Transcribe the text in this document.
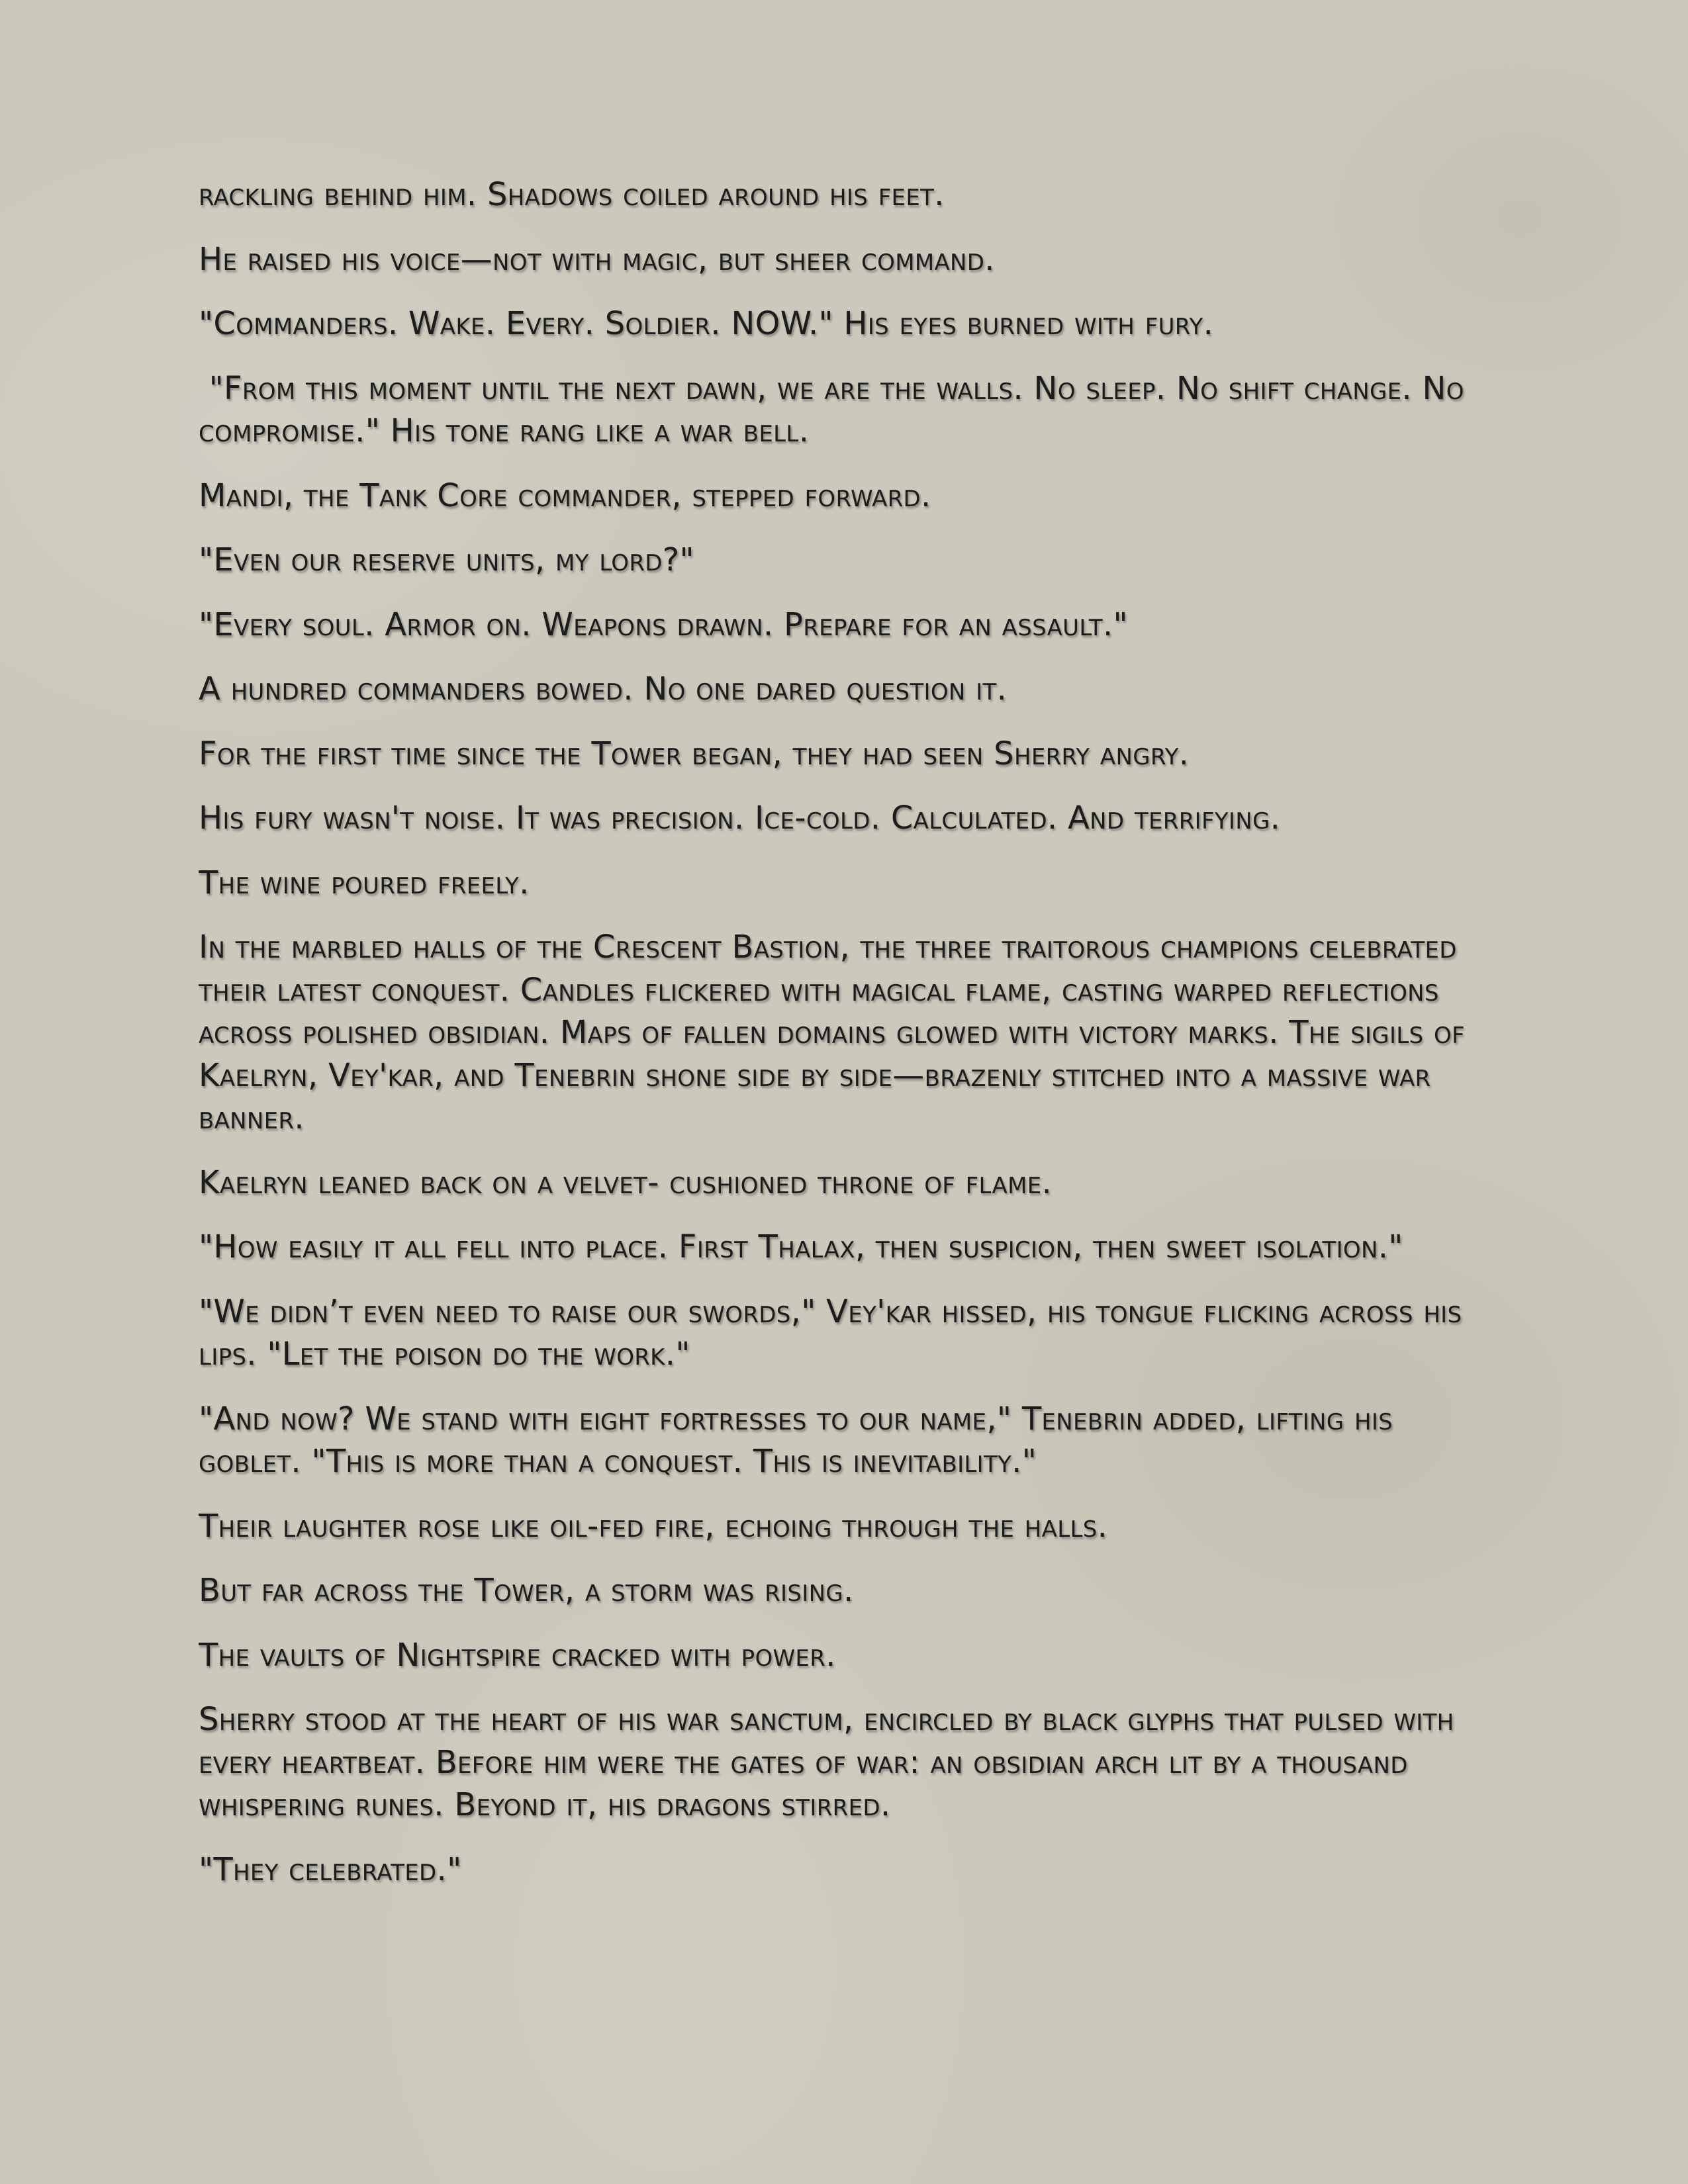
rackling behind him. Shadows coiled around his feet.

He raised his voice—not with magic, but sheer command.

"Commanders. Wake. Every. Soldier. NOW." His eyes burned with fury.

"From this moment until the next dawn, we are the walls. No sleep. No shift change. No compromise." His tone rang like a war bell.

Mandi, the Tank Core commander, stepped forward.

"Even our reserve units, my lord?"

"Every soul. Armor on. Weapons drawn. Prepare for an assault."

A hundred commanders bowed. No one dared question it.

For the first time since the Tower began, they had seen Sherry angry.

His fury wasn't noise. It was precision. Ice-cold. Calculated. And terrifying.

The wine poured freely.

In the marbled halls of the Crescent Bastion, the three traitorous champions celebrated their latest conquest. Candles flickered with magical flame, casting warped reflections across polished obsidian. Maps of fallen domains glowed with victory marks. The sigils of Kaelryn, Vey'kar, and Tenebrin shone side by side—brazenly stitched into a massive war banner.

Kaelryn leaned back on a velvet- cushioned throne of flame.

"How easily it all fell into place. First Thalax, then suspicion, then sweet isolation."

"We didn’t even need to raise our swords," Vey'kar hissed, his tongue flicking across his lips. "Let the poison do the work."

"And now? We stand with eight fortresses to our name," Tenebrin added, lifting his goblet. "This is more than a conquest. This is inevitability."

Their laughter rose like oil-fed fire, echoing through the halls.

But far across the Tower, a storm was rising.

The vaults of Nightspire cracked with power.

Sherry stood at the heart of his war sanctum, encircled by black glyphs that pulsed with every heartbeat. Before him were the gates of war: an obsidian arch lit by a thousand whispering runes. Beyond it, his dragons stirred.

"They celebrated."
